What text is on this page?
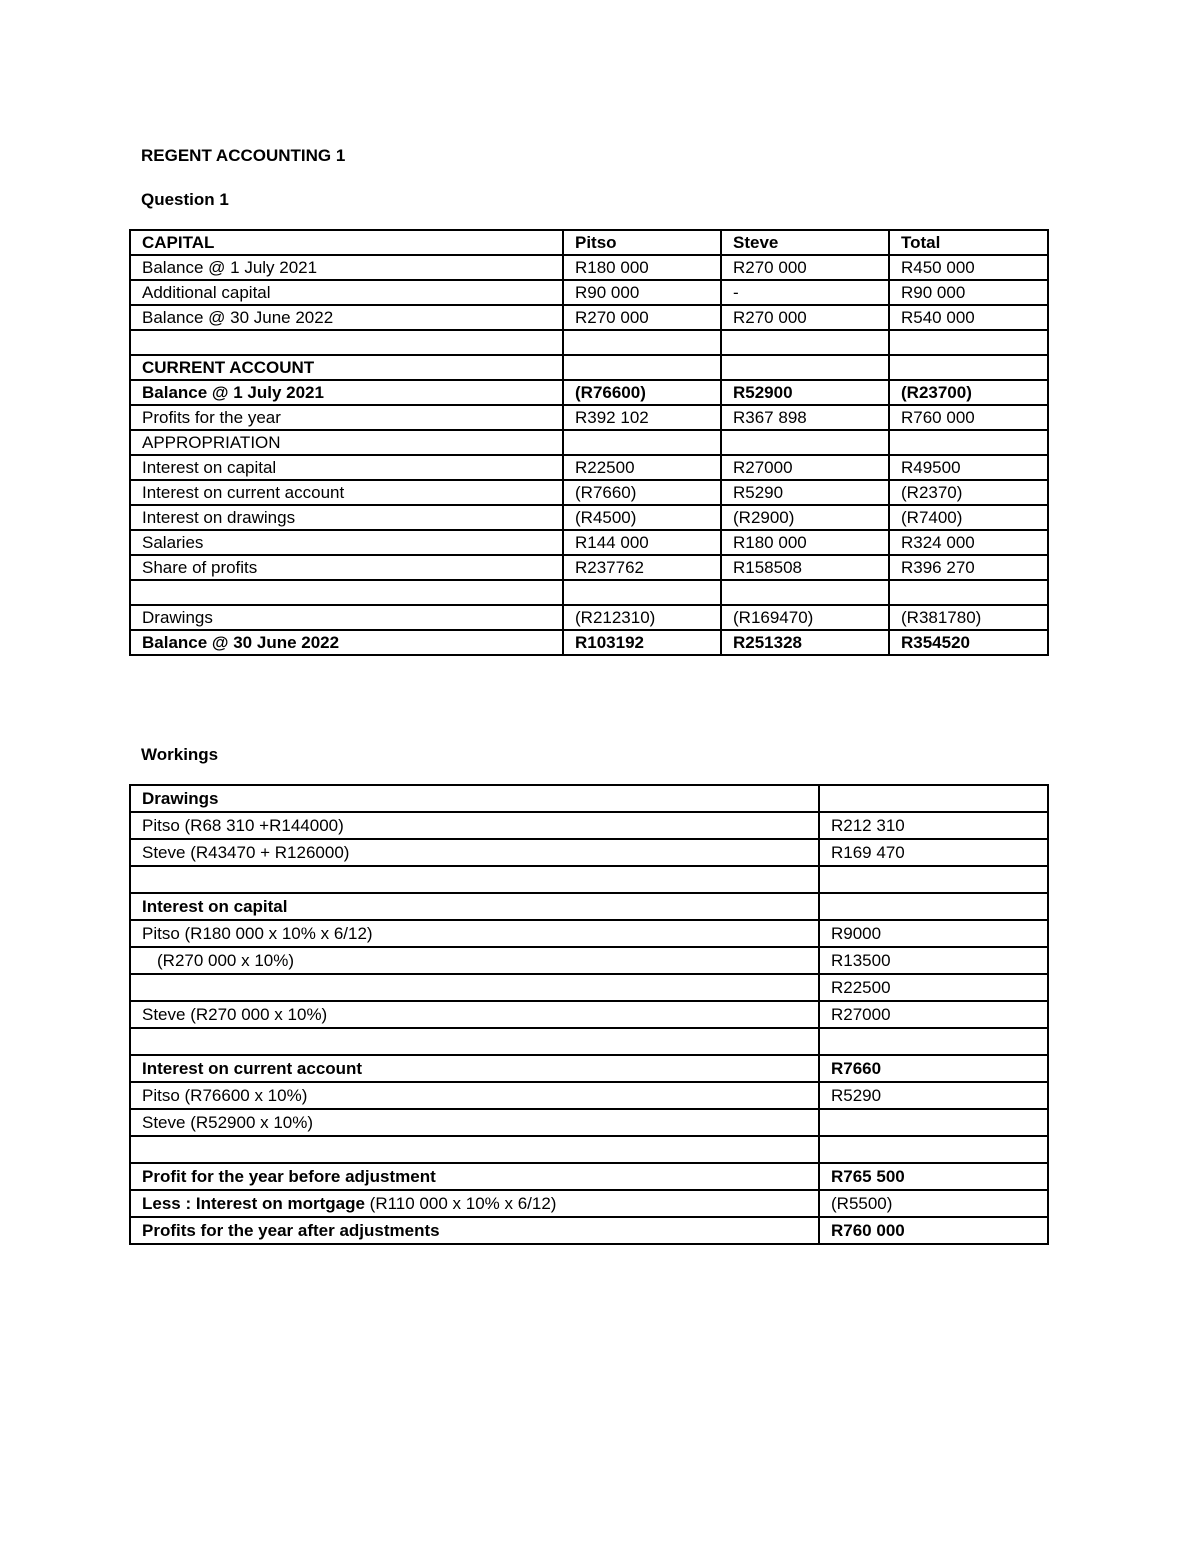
REGENT ACCOUNTING 1
Question 1
CAPITAL	Pitso	Steve	Total
Balance @ 1 July 2021	R180 000	R270 000	R450 000
Additional capital	R90 000	-	R90 000
Balance @ 30 June 2022	R270 000	R270 000	R540 000

CURRENT ACCOUNT			
Balance @ 1 July 2021	(R76600)	R52900	(R23700)
Profits for the year	R392 102	R367 898	R760 000
APPROPRIATION			
Interest on capital	R22500	R27000	R49500
Interest on current account	(R7660)	R5290	(R2370)
Interest on drawings	(R4500)	(R2900)	(R7400)
Salaries	R144 000	R180 000	R324 000
Share of profits	R237762	R158508	R396 270

Drawings	(R212310)	(R169470)	(R381780)
Balance @ 30 June 2022	R103192	R251328	R354520
Workings
Drawings	
Pitso (R68 310 +R144000)	R212 310
Steve (R43470 + R126000)	R169 470

Interest on capital	
Pitso (R180 000 x 10% x 6/12)	R9000
(R270 000 x 10%)	R13500
	R22500
Steve (R270 000 x 10%)	R27000

Interest on current account	R7660
Pitso (R76600 x 10%)	R5290
Steve (R52900 x 10%)	

Profit for the year before adjustment	R765 500
Less : Interest on mortgage (R110 000 x 10% x 6/12)	(R5500)
Profits for the year after adjustments	R760 000
